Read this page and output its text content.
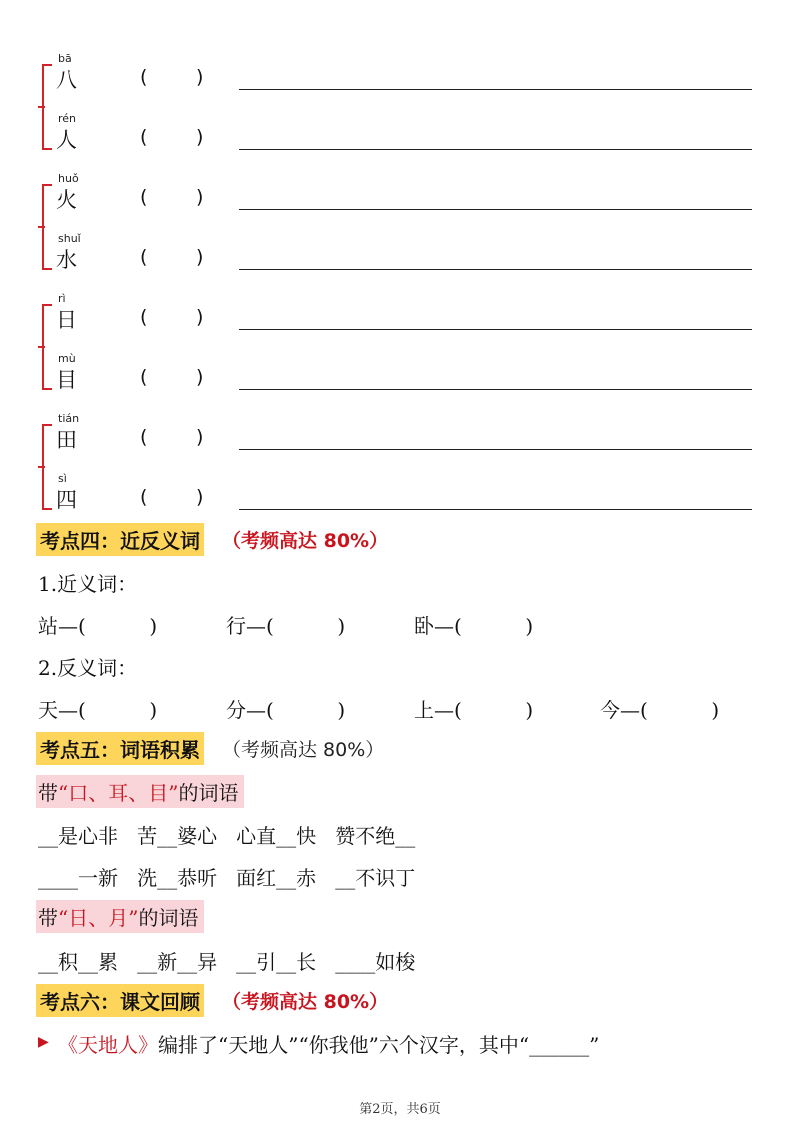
bā
八	(	)
rén
人	(	)
huǒ
火	(	)
shuǐ
水	(	)
rì
日	(	)
mù
目	(	)
tián
田	(	)
sì
四	(	)
考点四：近反义词 （考频高达 80%）
1.近义词：
站—(          )	行—(          )	卧—(          )
2.反义词：
天—(          )	分—(          )	上—(          )	今—(          )
考点五：词语积累 （考频高达 80%）
带“口、耳、目”的词语
__是心非   苦__婆心   心直__快   赞不绝__
____一新   洗__恭听   面红__赤   __不识丁
带“日、月”的词语
__积__累   __新__异   __引__长   ____如梭
考点六：课文回顾 （考频高达 80%）
▶ 《天地人》编排了“天地人”“你我他”六个汉字，其中“______”
第2页，共6页
